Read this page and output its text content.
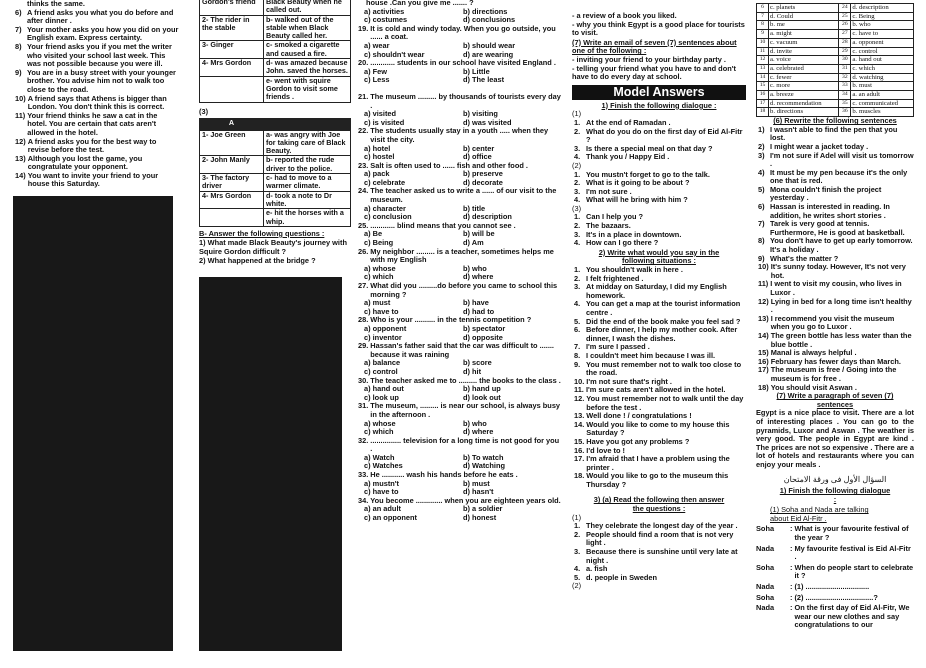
thinks the same.
6) A friend asks you what you do before and after dinner .
7) Your mother asks you how you did on your English exam. Express certainty.
8) Your friend asks you if you met the writer who visited your school last week. This was not possible because you were ill.
9) You are in a busy street with your younger brother. You advise him not to walk too close to the road.
10) A friend says that Athens is bigger than London. You don't think this is correct.
11) Your friend thinks he saw a cat in the hotel. You are certain that cats aren't allowed in the hotel.
12) A friend asks you for the best way to revise before the test.
13) Although you lost the game, you congratulate your opponent.
14) You want to invite your friend to your house this Saturday.
Gordon's friend	Black Beauty when he called out.
2- The rider in the stable	b- walked out of the stable when Black Beauty called her.
3- Ginger	c- smoked a cigarette and caused a fire.
4- Mrs Gordon	d- was amazed because John. saved the horses.
	e- went with squire Gordon to visit some friends .
(3)
A	
1- Joe Green	a- was angry with Joe for taking care of Black Beauty.
2- John Manly	b- reported the rude driver to the police.
3- The factory driver	c- had to move to a warmer climate.
4- Mrs Gordon	d- took a note to Dr white.
	e- hit the horses with a whip.
B- Answer the following questions :
1) What made Black Beauty's journey with Squire Gordon difficult ?
2) What happened at the bridge ?
house .Can you give me ....... ?
a) activities	b) directions
c) costumes	d) conclusions
19. It is cold and windy today. When you go outside, you ...... a coat.
a) wear	b) should wear
c) shouldn't wear	d) are wearing
20. ............ students in our school have visited England .
a) Few	b) Little
c) Less	d) The least
21. The museum ......... by thousands of tourists every day .
a) visited	b) visiting
c) is visited	d) was visited
22. The students usually stay in a youth ..... when they visit the city.
a) hotel	b) center
c) hostel	d) office
23. Salt is often used to ...... fish and other food .
a) pack	b) preserve
c) celebrate	d) decorate
24. The teacher asked us to write a ...... of our visit to the museum.
a) character	b) title
c) conclusion	d) description
25. ............ blind means that you cannot see .
a) Be	b) will be
c) Being	d) Am
26. My neighbor ......... is a teacher, sometimes helps me with my English
a) whose	b) who
c) which	d) where
27. What did you .........do before you came to school this morning ?
a) must	b) have
c) have to	d) had to
28. Who is your .......... in the tennis competition ?
a) opponent	b) spectator
c) inventor	d) opposite
29. Hassan's father said that the car was difficult to ....... because it was raining
a) balance	b) score
c) control	d) hit
30. The teacher asked me to ......... the books to the class .
a) hand out	b) hand up
c) look up	d) look out
31. The museum, ......... is near our school, is always busy in the afternoon .
a) whose	b) who
c) which	d) where
32. ............... television for a long time is not good for you .
a) Watch	b) To watch
c) Watches	d) Watching
33. He ........... wash his hands before he eats .
a) mustn't	b) must
c) have to	d) hasn't
34. You become ............. when you are eighteen years old.
a) an adult	b) a soldier
c) an opponent	d) honest
- a review of a book you liked.
- why you think Egypt is a good place for tourists to visit.
(7) Write an email of seven (7) sentences about one of the following :
- inviting your friend to your birthday party .
- telling your friend what you have to and don't have to do every day at school.
Model Answers
1) Finish the following dialogue :
(1)
1. At the end of Ramadan .
2. What do you do on the first day of Eid Al-Fitr ?
3. Is there a special meal on that day ?
4. Thank you / Happy Eid .
(2)
1. You mustn't forget to go to the talk.
2. What is it going to be about ?
3. I'm not sure .
4. What will he bring with him ?
(3)
1. Can I help you ?
2. The bazaars.
3. It's in a place in downtown.
4. How can I go there ?
2) Write what would you say in the following situations :
1. You shouldn't walk in here .
2. I felt frightened .
3. At midday on Saturday, I did my English homework.
4. You can get a map at the tourist information centre .
5. Did the end of the book make you feel sad ?
6. Before dinner, I help my mother cook. After dinner, I wash the dishes.
7. I'm sure I passed .
8. I couldn't meet him because I was ill.
9. You must remember not to walk too close to the road.
10. I'm not sure that's right .
11. I'm sure cats aren't allowed in the hotel.
12. You must remember not to walk until the day before the test .
13. Well done ! / congratulations !
14. Would you like to come to my house this Saturday ?
15. Have you got any problems ?
16. I'd love to !
17. I'm afraid that I have a problem using the printer .
18. Would you like to go to the museum this Thursday ?
3) (a) Read the following then answer the questions :
(1)
1. They celebrate the longest day of the year .
2. People should find a room that is not very light .
3. Because there is sunshine until very late at night .
4. a. fish
5. d. people in Sweden
(2)
6	c. planets	24	d. description
7	d. Could	25	c. Being
8	b. me	26	b. who
9	a. might	27	c. have to
10	c. vacuum	28	a. opponent
11	d. invite	29	c. control
12	a. voice	30	a. hand out
13	a. celebrated	31	c. which
14	c. fewer	32	d. watching
15	c. more	33	b. must
16	a. breeze	34	a. an adult
17	d. recommendation	35	c. communicated
18	b. directions	36	b. muscles
(6) Rewrite the following sentences
1) I wasn't able to find the pen that you lost.
2) I might wear a jacket today .
3) I'm not sure if Adel will visit us tomorrow .
4) It must be my pen because it's the only one that is red.
5) Mona couldn't finish the project yesterday .
6) Hassan is interested in reading. In addition, he writes short stories .
7) Tarek is very good at tennis. Furthermore, He is good at basketball.
8) You don't have to get up early tomorrow. It's a holiday .
9) What's the matter ?
10) It's sunny today. However, It's not very hot.
11) I went to visit my cousin, who lives in Luxor .
12) Lying in bed for a long time isn't healthy .
13) I recommend you visit the museum when you go to Luxor .
14) The green bottle has less water than the blue bottle .
15) Manal is always helpful .
16) February has fewer days than March.
17) The museum is free / Going into the museum is for free .
18) You should visit Aswan .
(7) Write a paragraph of seven (7) sentences
Egypt is a nice place to visit. There are a lot of interesting places . You can go to the pyramids, Luxor and Aswan . The weather is very good. The people in Egypt are kind . The prices are not so expensive . There are a lot of hotels and restaurants where you can enjoy your meals .
السؤال الأول فى ورقة الامتحان
1) Finish the following dialogue :
(1) Soha and Nada are talking about Eid Al-Fitr .
Soha	: What is your favourite festival of the year ?
Nada	: My favourite festival is Eid Al-Fitr .
Soha	: When do people start to celebrate it ?
Nada	: (1) ...............................
Soha	: (2) .................................?
Nada	: On the first day of Eid Al-Fitr, We wear our new clothes and say congratulations to our
